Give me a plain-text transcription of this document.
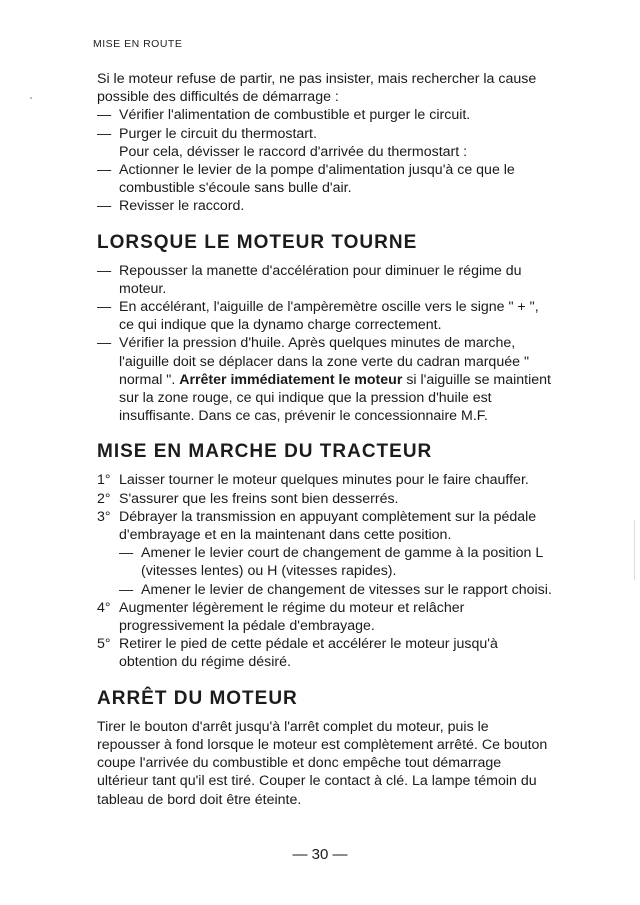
MISE EN ROUTE

Si le moteur refuse de partir, ne pas insister, mais rechercher la cause possible des difficultés de démarrage :

— Vérifier l'alimentation de combustible et purger le circuit.
— Purger le circuit du thermostart.

Pour cela, dévisser le raccord d'arrivée du thermostart :

— Actionner le levier de la pompe d'alimentation jusqu'à ce que le combustible s'écoule sans bulle d'air.
— Revisser le raccord.
LORSQUE LE MOTEUR TOURNE
— Repousser la manette d'accélération pour diminuer le régime du moteur.
— En accélérant, l'aiguille de l'ampèremètre oscille vers le signe " + ", ce qui indique que la dynamo charge correctement.
— Vérifier la pression d'huile. Après quelques minutes de marche, l'aiguille doit se déplacer dans la zone verte du cadran marquée " normal ". Arrêter immédiatement le moteur si l'aiguille se maintient sur la zone rouge, ce qui indique que la pression d'huile est insuffisante. Dans ce cas, prévenir le concessionnaire M.F.
MISE EN MARCHE DU TRACTEUR
1° Laisser tourner le moteur quelques minutes pour le faire chauffer.
2° S'assurer que les freins sont bien desserrés.
3° Débrayer la transmission en appuyant complètement sur la pédale d'embrayage et en la maintenant dans cette position.
— Amener le levier court de changement de gamme à la position L (vitesses lentes) ou H (vitesses rapides).
— Amener le levier de changement de vitesses sur le rapport choisi.
4° Augmenter légèrement le régime du moteur et relâcher progressivement la pédale d'embrayage.
5° Retirer le pied de cette pédale et accélérer le moteur jusqu'à obtention du régime désiré.
ARRÊT DU MOTEUR

Tirer le bouton d'arrêt jusqu'à l'arrêt complet du moteur, puis le repousser à fond lorsque le moteur est complètement arrêté. Ce bouton coupe l'arrivée du combustible et donc empêche tout démarrage ultérieur tant qu'il est tiré. Couper le contact à clé. La lampe témoin du tableau de bord doit être éteinte.

— 30 —
